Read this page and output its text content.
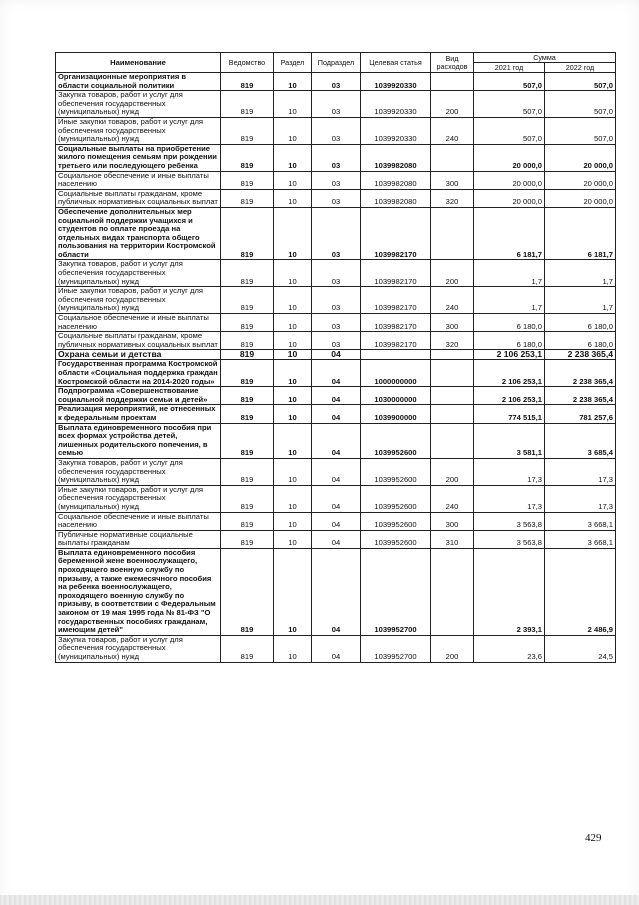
Наименование	Ведомство	Раздел	Подраздел	Целевая статья	Вид расходов	Сумма	
						2021 год	2022 год
Организационные мероприятия в области социальной политики	819	10	03	1039920330		507,0	507,0
Закупка товаров, работ и услуг для обеспечения государственных (муниципальных) нужд	819	10	03	1039920330	200	507,0	507,0
Иные закупки товаров, работ и услуг для обеспечения государственных (муниципальных) нужд	819	10	03	1039920330	240	507,0	507,0
Социальные выплаты на приобретение жилого помещения семьям при рождении третьего или последующего ребенка	819	10	03	1039982080		20 000,0	20 000,0
Социальное обеспечение и иные выплаты населению	819	10	03	1039982080	300	20 000,0	20 000,0
Социальные выплаты гражданам, кроме публичных нормативных социальных выплат	819	10	03	1039982080	320	20 000,0	20 000,0
Обеспечение дополнительных мер социальной поддержки учащихся и студентов по оплате проезда на отдельных видах транспорта общего пользования на территории Костромской области	819	10	03	1039982170		6 181,7	6 181,7
Закупка товаров, работ и услуг для обеспечения государственных (муниципальных) нужд	819	10	03	1039982170	200	1,7	1,7
Иные закупки товаров, работ и услуг для обеспечения государственных (муниципальных) нужд	819	10	03	1039982170	240	1,7	1,7
Социальное обеспечение и иные выплаты населению	819	10	03	1039982170	300	6 180,0	6 180,0
Социальные выплаты гражданам, кроме публичных нормативных социальных выплат	819	10	03	1039982170	320	6 180,0	6 180,0
Охрана семьи и детства	819	10	04			2 106 253,1	2 238 365,4
Государственная программа Костромской области «Социальная поддержка граждан Костромской области на 2014-2020 годы»	819	10	04	1000000000		2 106 253,1	2 238 365,4
Подпрограмма «Совершенствование социальной поддержки семьи и детей»	819	10	04	1030000000		2 106 253,1	2 238 365,4
Реализация мероприятий, не отнесенных к федеральным проектам	819	10	04	1039900000		774 515,1	781 257,6
Выплата единовременного пособия при всех формах устройства детей, лишенных родительского попечения, в семью	819	10	04	1039952600		3 581,1	3 685,4
Закупка товаров, работ и услуг для обеспечения государственных (муниципальных) нужд	819	10	04	1039952600	200	17,3	17,3
Иные закупки товаров, работ и услуг для обеспечения государственных (муниципальных) нужд	819	10	04	1039952600	240	17,3	17,3
Социальное обеспечение и иные выплаты населению	819	10	04	1039952600	300	3 563,8	3 668,1
Публичные нормативные социальные выплаты гражданам	819	10	04	1039952600	310	3 563,8	3 668,1
Выплата единовременного пособия беременной жене военнослужащего, проходящего военную службу по призыву, а также ежемесячного пособия на ребенка военнослужащего, проходящего военную службу по призыву, в соответствии с Федеральным законом от 19 мая 1995 года № 81-ФЗ "О государственных пособиях гражданам, имеющим детей"	819	10	04	1039952700		2 393,1	2 486,9
Закупка товаров, работ и услуг для обеспечения государственных (муниципальных) нужд	819	10	04	1039952700	200	23,6	24,5
429
